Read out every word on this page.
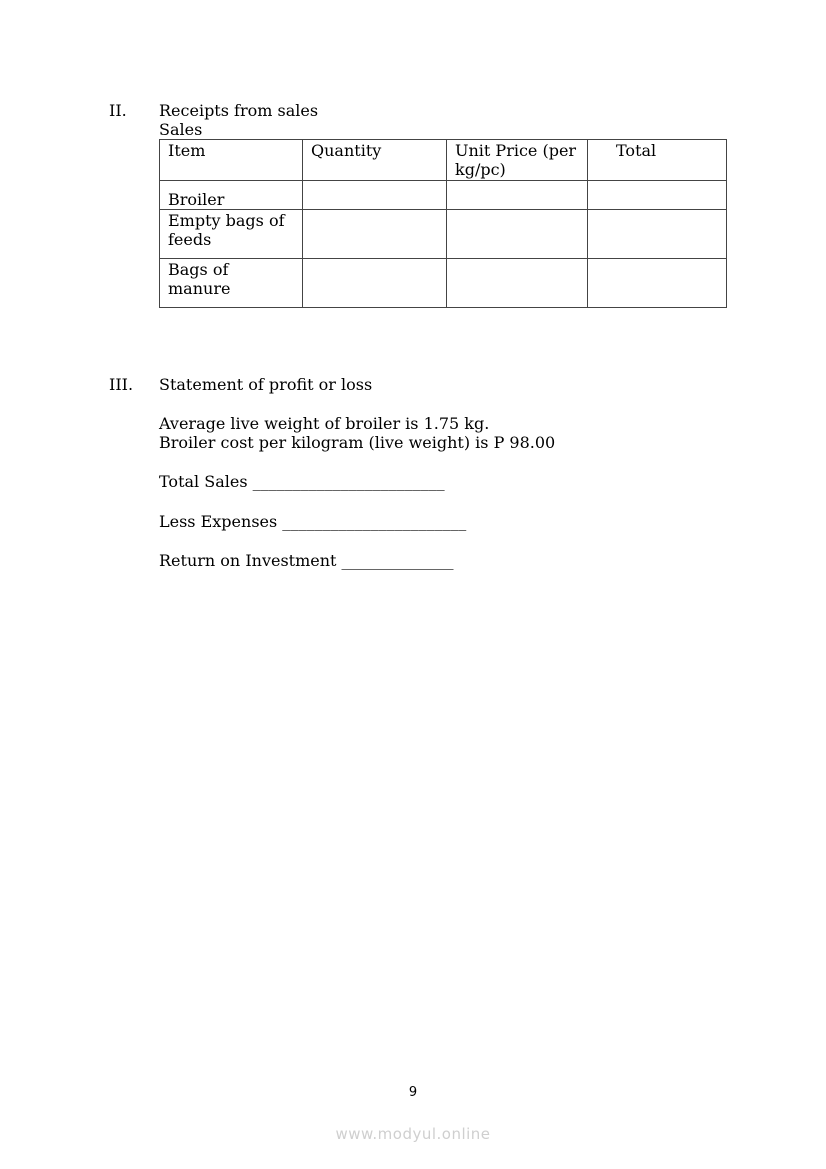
II. Receipts from sales
Sales
Item	Quantity	Unit Price (per kg/pc)	Total
Broiler			
Empty bags of feeds			
Bags of manure			
III. Statement of profit or loss
Average live weight of broiler is 1.75 kg.
Broiler cost per kilogram (live weight) is P 98.00
Total Sales ________________________
Less Expenses _______________________
Return on Investment ______________
9
www.modyul.online
